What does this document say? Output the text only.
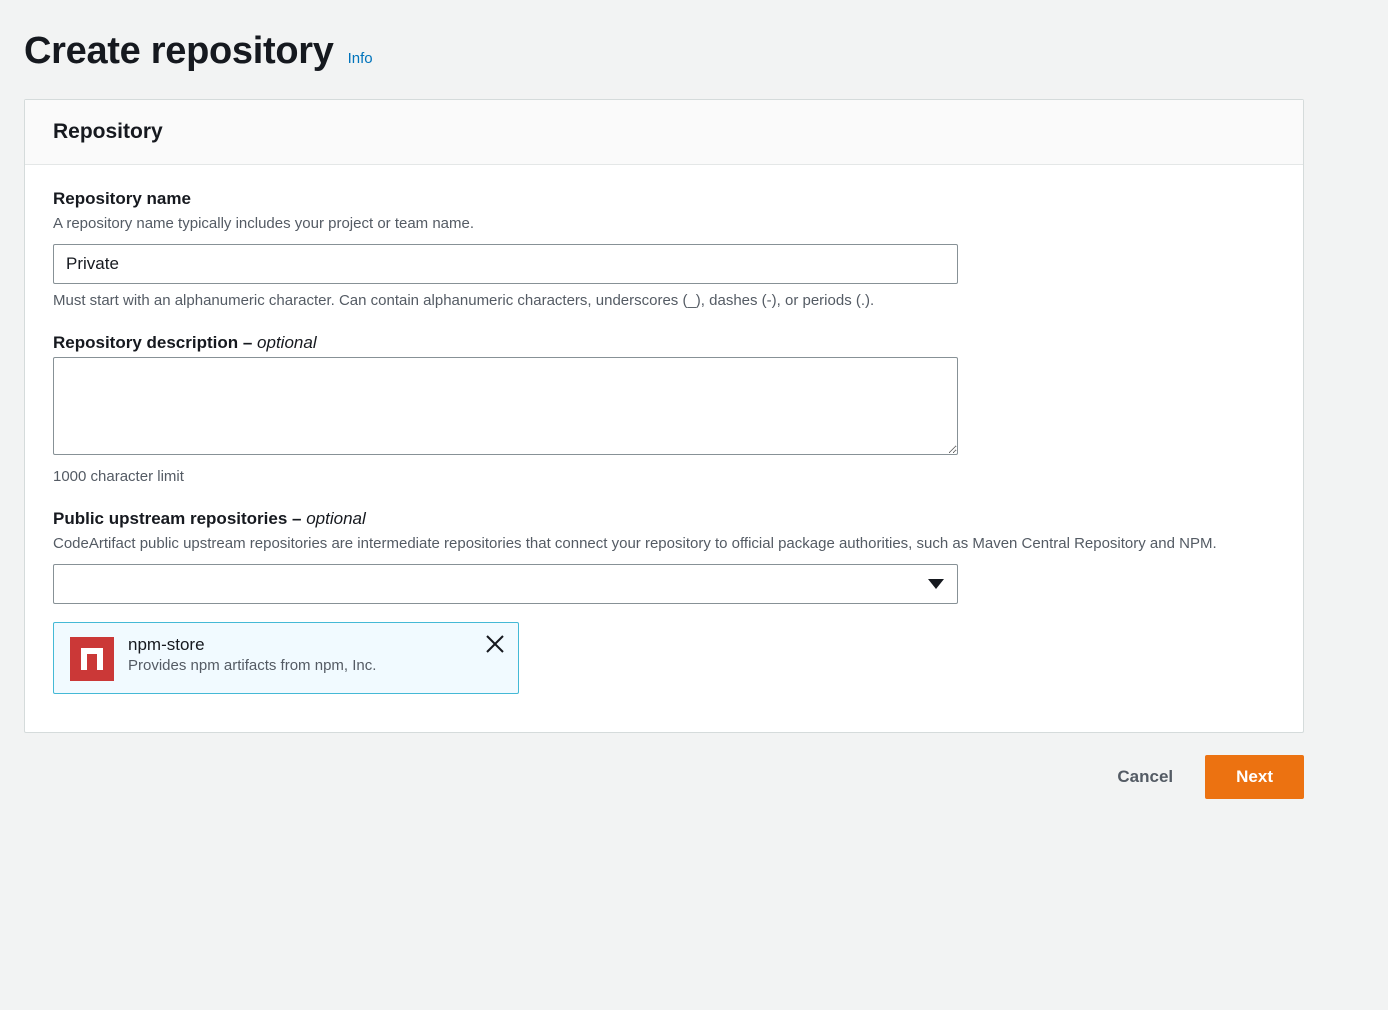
Create repository Info
Repository
Repository name
A repository name typically includes your project or team name.
Private
Must start with an alphanumeric character. Can contain alphanumeric characters, underscores (_), dashes (-), or periods (.).
Repository description – optional
1000 character limit
Public upstream repositories – optional
CodeArtifact public upstream repositories are intermediate repositories that connect your repository to official package authorities, such as Maven Central Repository and NPM.
npm-store
Provides npm artifacts from npm, Inc.
Cancel	Next
